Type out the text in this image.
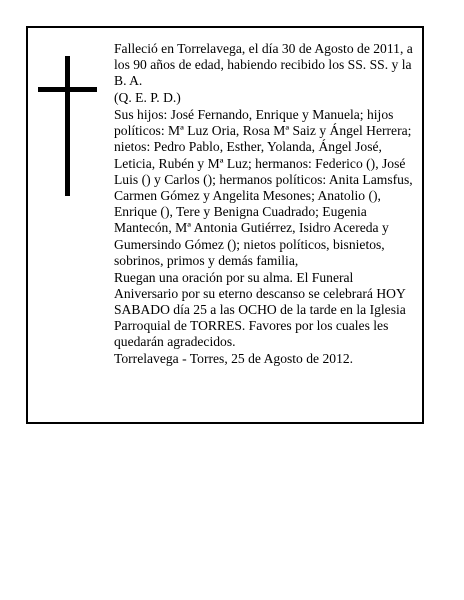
Falleció en Torrelavega, el día 30 de Agosto de 2011, a los 90 años de edad, habiendo recibido los SS. SS. y la B. A.

(Q. E. P. D.)

Sus hijos: José Fernando, Enrique y Manuela; hijos políticos: Mª Luz Oria, Rosa Mª Saiz y Ángel Herrera; nietos: Pedro Pablo, Esther, Yolanda, Ángel José, Leticia, Rubén y Mª Luz; hermanos: Federico (), José Luis () y Carlos (); hermanos políticos: Anita Lamsfus, Carmen Gómez y Angelita Mesones; Anatolio (), Enrique (), Tere y Benigna Cuadrado; Eugenia Mantecón, Mª Antonia Gutiérrez, Isidro Acereda y Gumersindo Gómez (); nietos políticos, bisnietos, sobrinos, primos y demás familia,

Ruegan una oración por su alma. El Funeral Aniversario por su eterno descanso se celebrará HOY SABADO día 25 a las OCHO de la tarde en la Iglesia Parroquial de TORRES. Favores por los cuales les quedarán agradecidos.

Torrelavega - Torres, 25 de Agosto de 2012.
